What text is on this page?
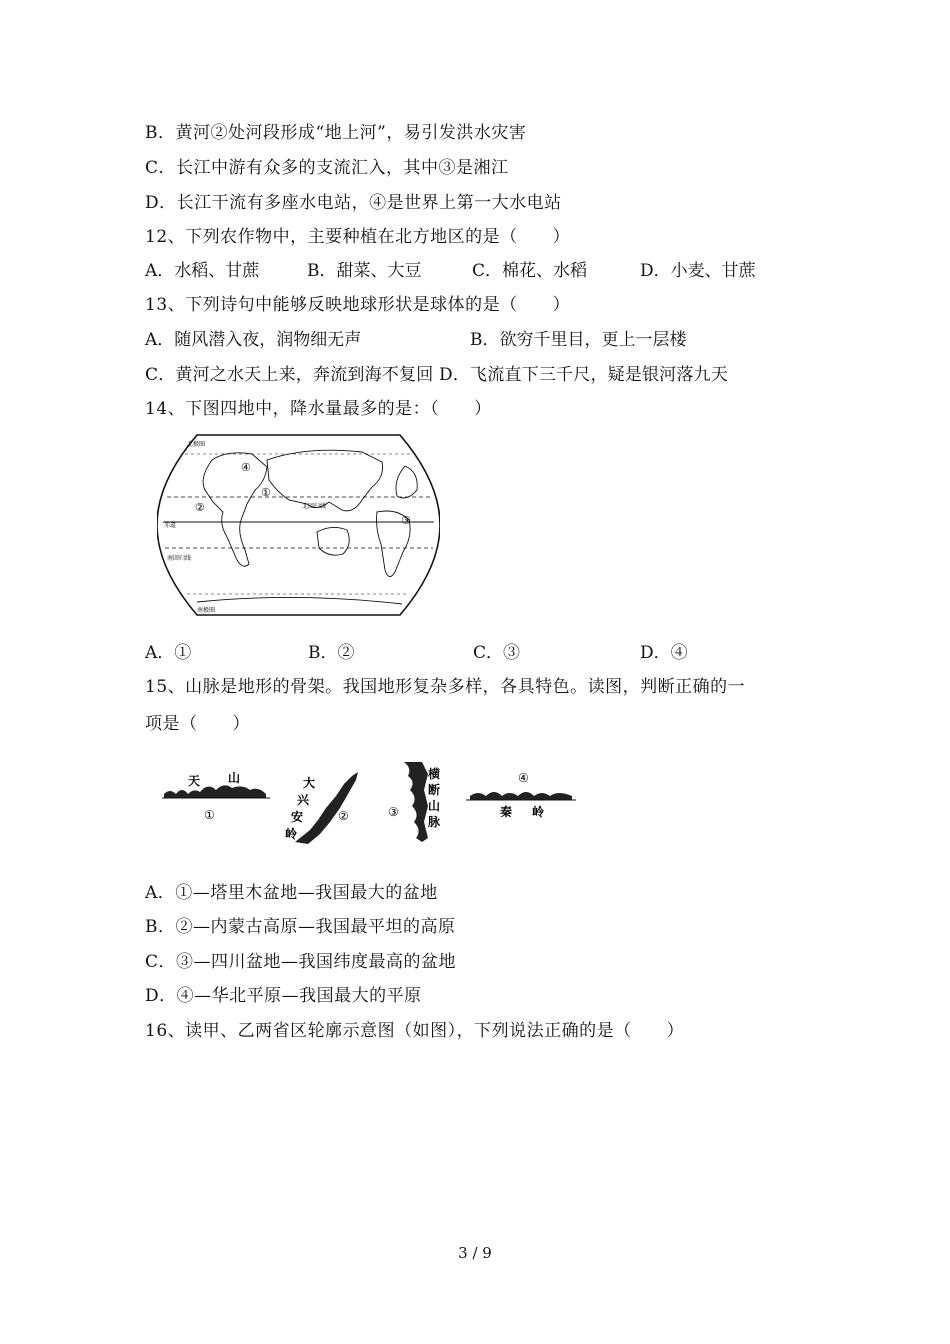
B．黄河②处河段形成“地上河”，易引发洪水灾害
C．长江中游有众多的支流汇入，其中③是湘江
D．长江干流有多座水电站，④是世界上第一大水电站
12、下列农作物中，主要种植在北方地区的是（　　）
A．水稻、甘蔗	B．甜菜、大豆	C．棉花、水稻	D．小麦、甘蔗
13、下列诗句中能够反映地球形状是球体的是（　　）
A．随风潜入夜，润物细无声	B．欲穷千里目，更上一层楼
C．黄河之水天上来，奔流到海不复回 D．飞流直下三千尺，疑是银河落九天
14、下图四地中，降水量最多的是：（　　）
④
①
②
③
北极圈
北回归线
赤道
南回归线
南极圈
A．①	B．②	C．③	D．④
15、山脉是地形的骨架。我国地形复杂多样，各具特色。读图，判断正确的一
项是（　　）
天 山
①
大
兴
安
岭
②
横
断
山
脉
③
④
秦 岭
A．①—塔里木盆地—我国最大的盆地
B．②—内蒙古高原—我国最平坦的高原
C．③—四川盆地—我国纬度最高的盆地
D．④—华北平原—我国最大的平原
16、读甲、乙两省区轮廓示意图（如图），下列说法正确的是（　　）
3 / 9
